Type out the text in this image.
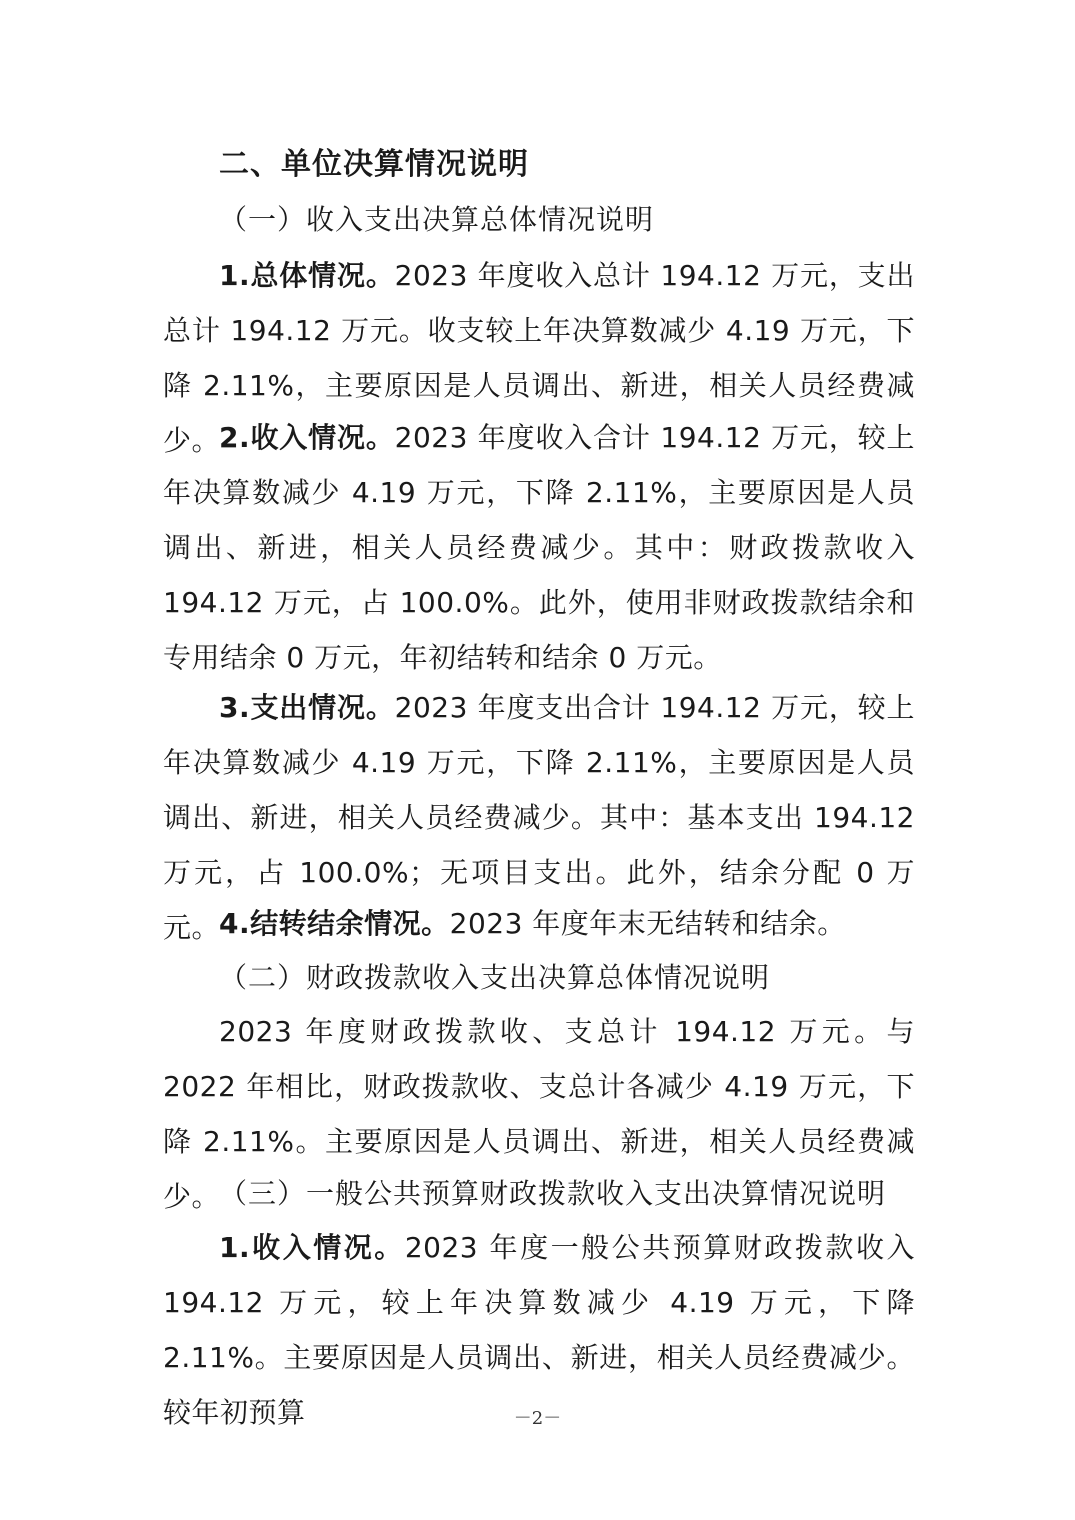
二、单位决算情况说明
（一）收入支出决算总体情况说明

1.总体情况。2023 年度收入总计 194.12 万元，支出总计 194.12 万元。收支较上年决算数减少 4.19 万元，下降 2.11%，主要原因是人员调出、新进，相关人员经费减少。

2.收入情况。2023 年度收入合计 194.12 万元，较上年决算数减少 4.19 万元，下降 2.11%，主要原因是人员调出、新进，相关人员经费减少。其中：财政拨款收入 194.12 万元，占 100.0%。此外，使用非财政拨款结余和专用结余 0 万元，年初结转和结余 0 万元。

3.支出情况。2023 年度支出合计 194.12 万元，较上年决算数减少 4.19 万元，下降 2.11%，主要原因是人员调出、新进，相关人员经费减少。其中：基本支出 194.12 万元，占 100.0%；无项目支出。此外，结余分配 0 万元。

4.结转结余情况。2023 年度年末无结转和结余。

（二）财政拨款收入支出决算总体情况说明

2023 年度财政拨款收、支总计 194.12 万元。与 2022 年相比，财政拨款收、支总计各减少 4.19 万元，下降 2.11%。主要原因是人员调出、新进，相关人员经费减少。

（三）一般公共预算财政拨款收入支出决算情况说明

1.收入情况。2023 年度一般公共预算财政拨款收入 194.12 万元，较上年决算数减少 4.19 万元，下降 2.11%。主要原因是人员调出、新进，相关人员经费减少。较年初预算	－2－
